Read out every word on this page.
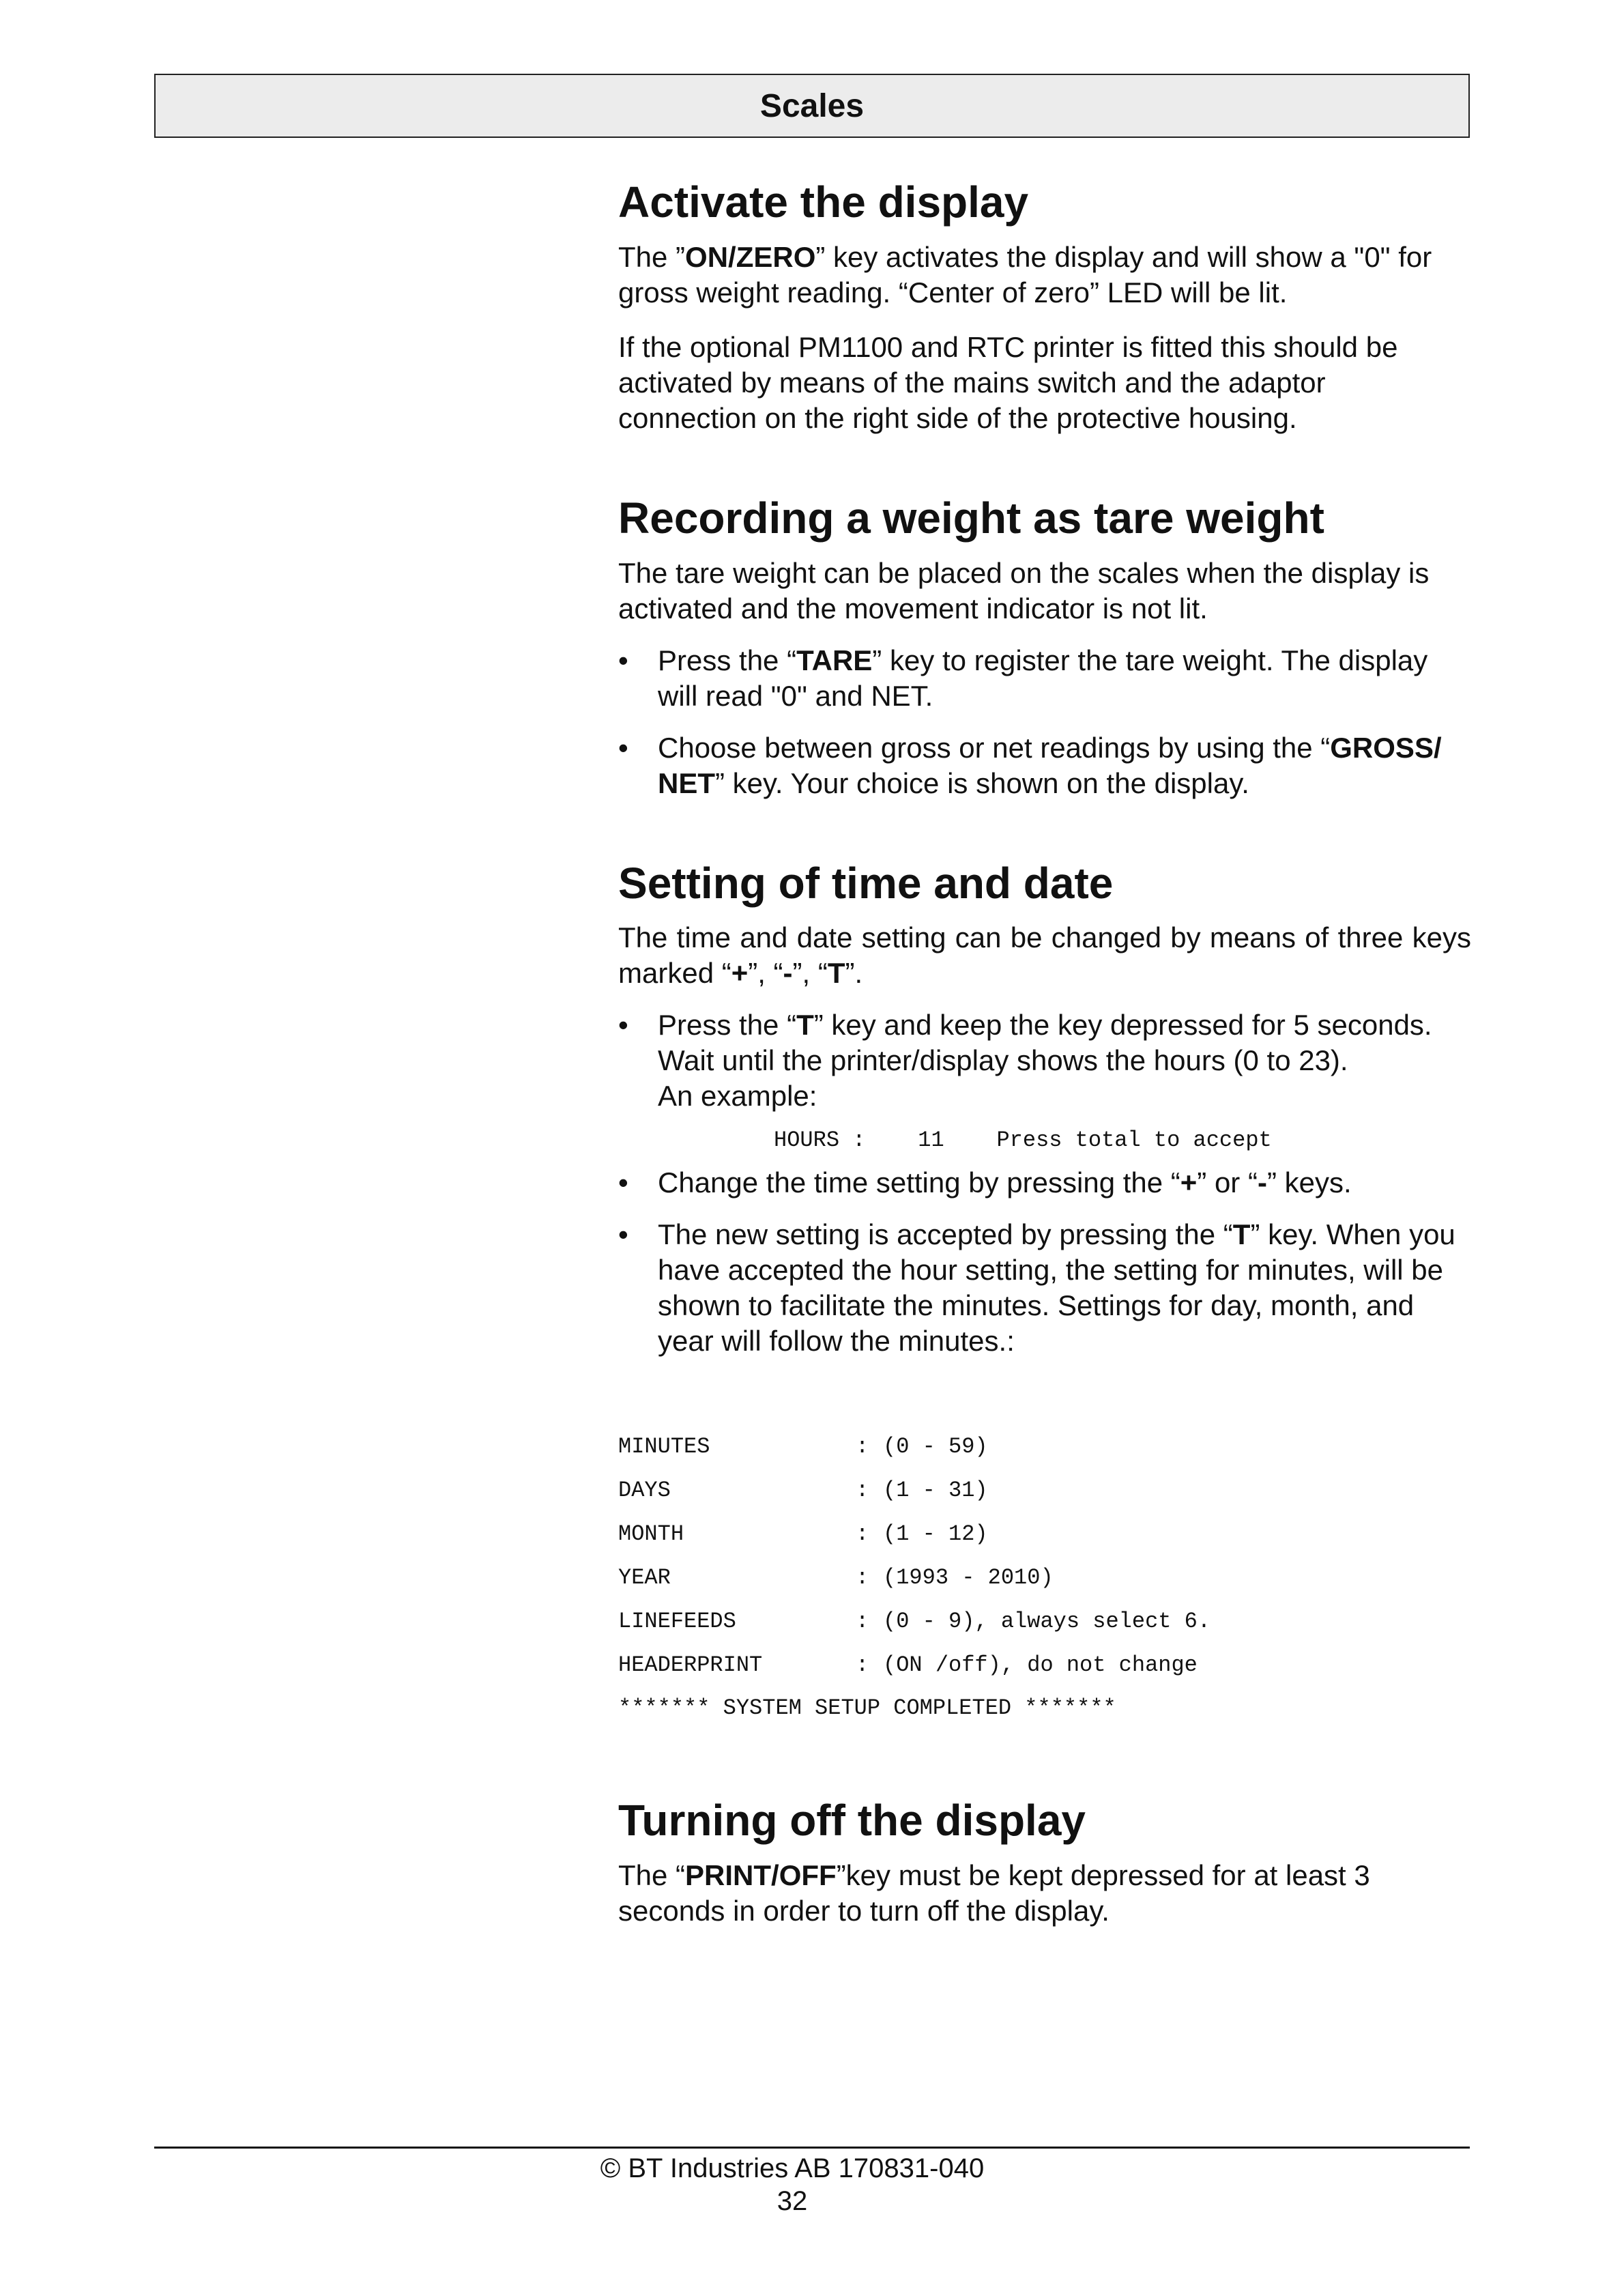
Scales
Activate the display

The ”ON/ZERO” key activates the display and will show a "0" for gross weight reading. “Center of zero” LED will be lit.

If the optional PM1100 and RTC printer is fitted this should be activated by means of the mains switch and the adaptor connection on the right side of the protective housing.

Recording a weight as tare weight

The tare weight can be placed on the scales when the display is activated and the movement indicator is not lit.

• Press the “TARE” key to register the tare weight. The display will read "0" and NET.
• Choose between gross or net readings by using the “GROSS/ NET” key. Your choice is shown on the display.
Setting of time and date

The time and date setting can be changed by means of three keys marked “+”, “-”, “T”.

• Press the “T” key and keep the key depressed for 5 seconds. Wait until the printer/display shows the hours (0 to 23).
An example:
HOURS :    11    Press total to accept
• Change the time setting by pressing the “+” or “-” keys.
• The new setting is accepted by pressing the “T” key. When you have accepted the hour setting, the setting for minutes, will be shown to facilitate the minutes. Settings for day, month, and year will follow the minutes.:
MINUTES	:	(0 - 59)
DAYS	:	(1 - 31)
MONTH	:	(1 - 12)
YEAR	:	(1993 - 2010)
LINEFEEDS	:	(0 - 9), always select 6.
HEADERPRINT	:	(ON /off), do not change
******* SYSTEM SETUP COMPLETED *******
Turning off the display

The “PRINT/OFF”key must be kept depressed for at least 3 seconds in order to turn off the display.

© BT Industries AB 170831-040
32
